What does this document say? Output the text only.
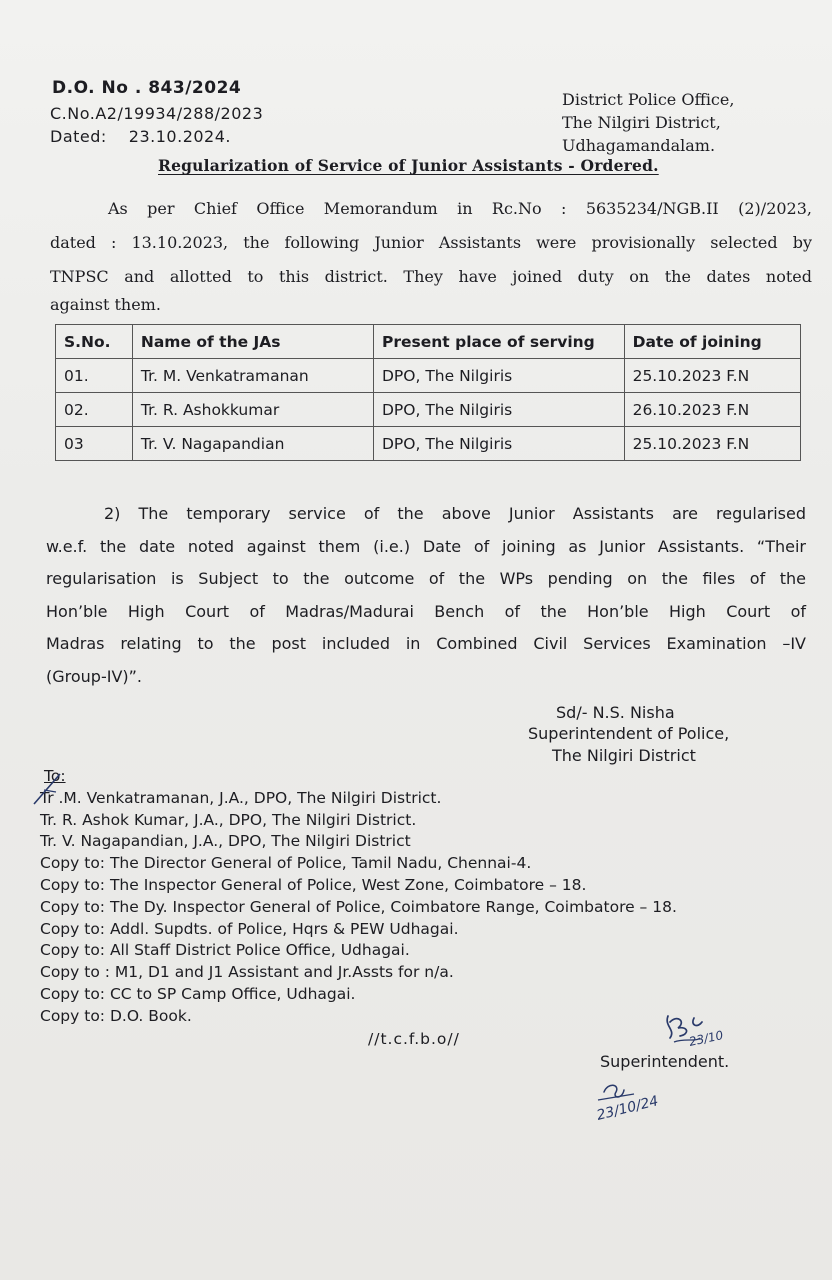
D.O. No . 843/2024
C.No.A2/19934/288/2023
Dated: 23.10.2024.
District Police Office,
The Nilgiri District,
Udhagamandalam.
Regularization of Service of Junior Assistants - Ordered.
As per Chief Office Memorandum in Rc.No : 5635234/NGB.II (2)/2023,
dated : 13.10.2023, the following Junior Assistants were provisionally selected by
TNPSC and allotted to this district. They have joined duty on the dates noted
against them.
S.No.	Name of the JAs	Present place of serving	Date of joining
01.	Tr. M. Venkatramanan	DPO, The Nilgiris	25.10.2023 F.N
02.	Tr. R. Ashokkumar	DPO, The Nilgiris	26.10.2023 F.N
03	Tr. V. Nagapandian	DPO, The Nilgiris	25.10.2023 F.N
2) The temporary service of the above Junior Assistants are regularised
w.e.f. the date noted against them (i.e.) Date of joining as Junior Assistants. “Their
regularisation is Subject to the outcome of the WPs pending on the files of the
Hon’ble High Court of Madras/Madurai Bench of the Hon’ble High Court of
Madras relating to the post included in Combined Civil Services Examination –IV
(Group-IV)”.
Sd/- N.S. Nisha
Superintendent of Police,
The Nilgiri District
To:
Tr .M. Venkatramanan, J.A., DPO, The Nilgiri District.
Tr. R. Ashok Kumar, J.A., DPO, The Nilgiri District.
Tr. V. Nagapandian, J.A., DPO, The Nilgiri District
Copy to: The Director General of Police, Tamil Nadu, Chennai-4.
Copy to: The Inspector General of Police, West Zone, Coimbatore – 18.
Copy to: The Dy. Inspector General of Police, Coimbatore Range, Coimbatore – 18.
Copy to: Addl. Supdts. of Police, Hqrs & PEW Udhagai.
Copy to: All Staff District Police Office, Udhagai.
Copy to : M1, D1 and J1 Assistant and Jr.Assts for n/a.
Copy to: CC to SP Camp Office, Udhagai.
Copy to: D.O. Book.
//t.c.f.b.o//	23/10
Superintendent.
23/10/24
